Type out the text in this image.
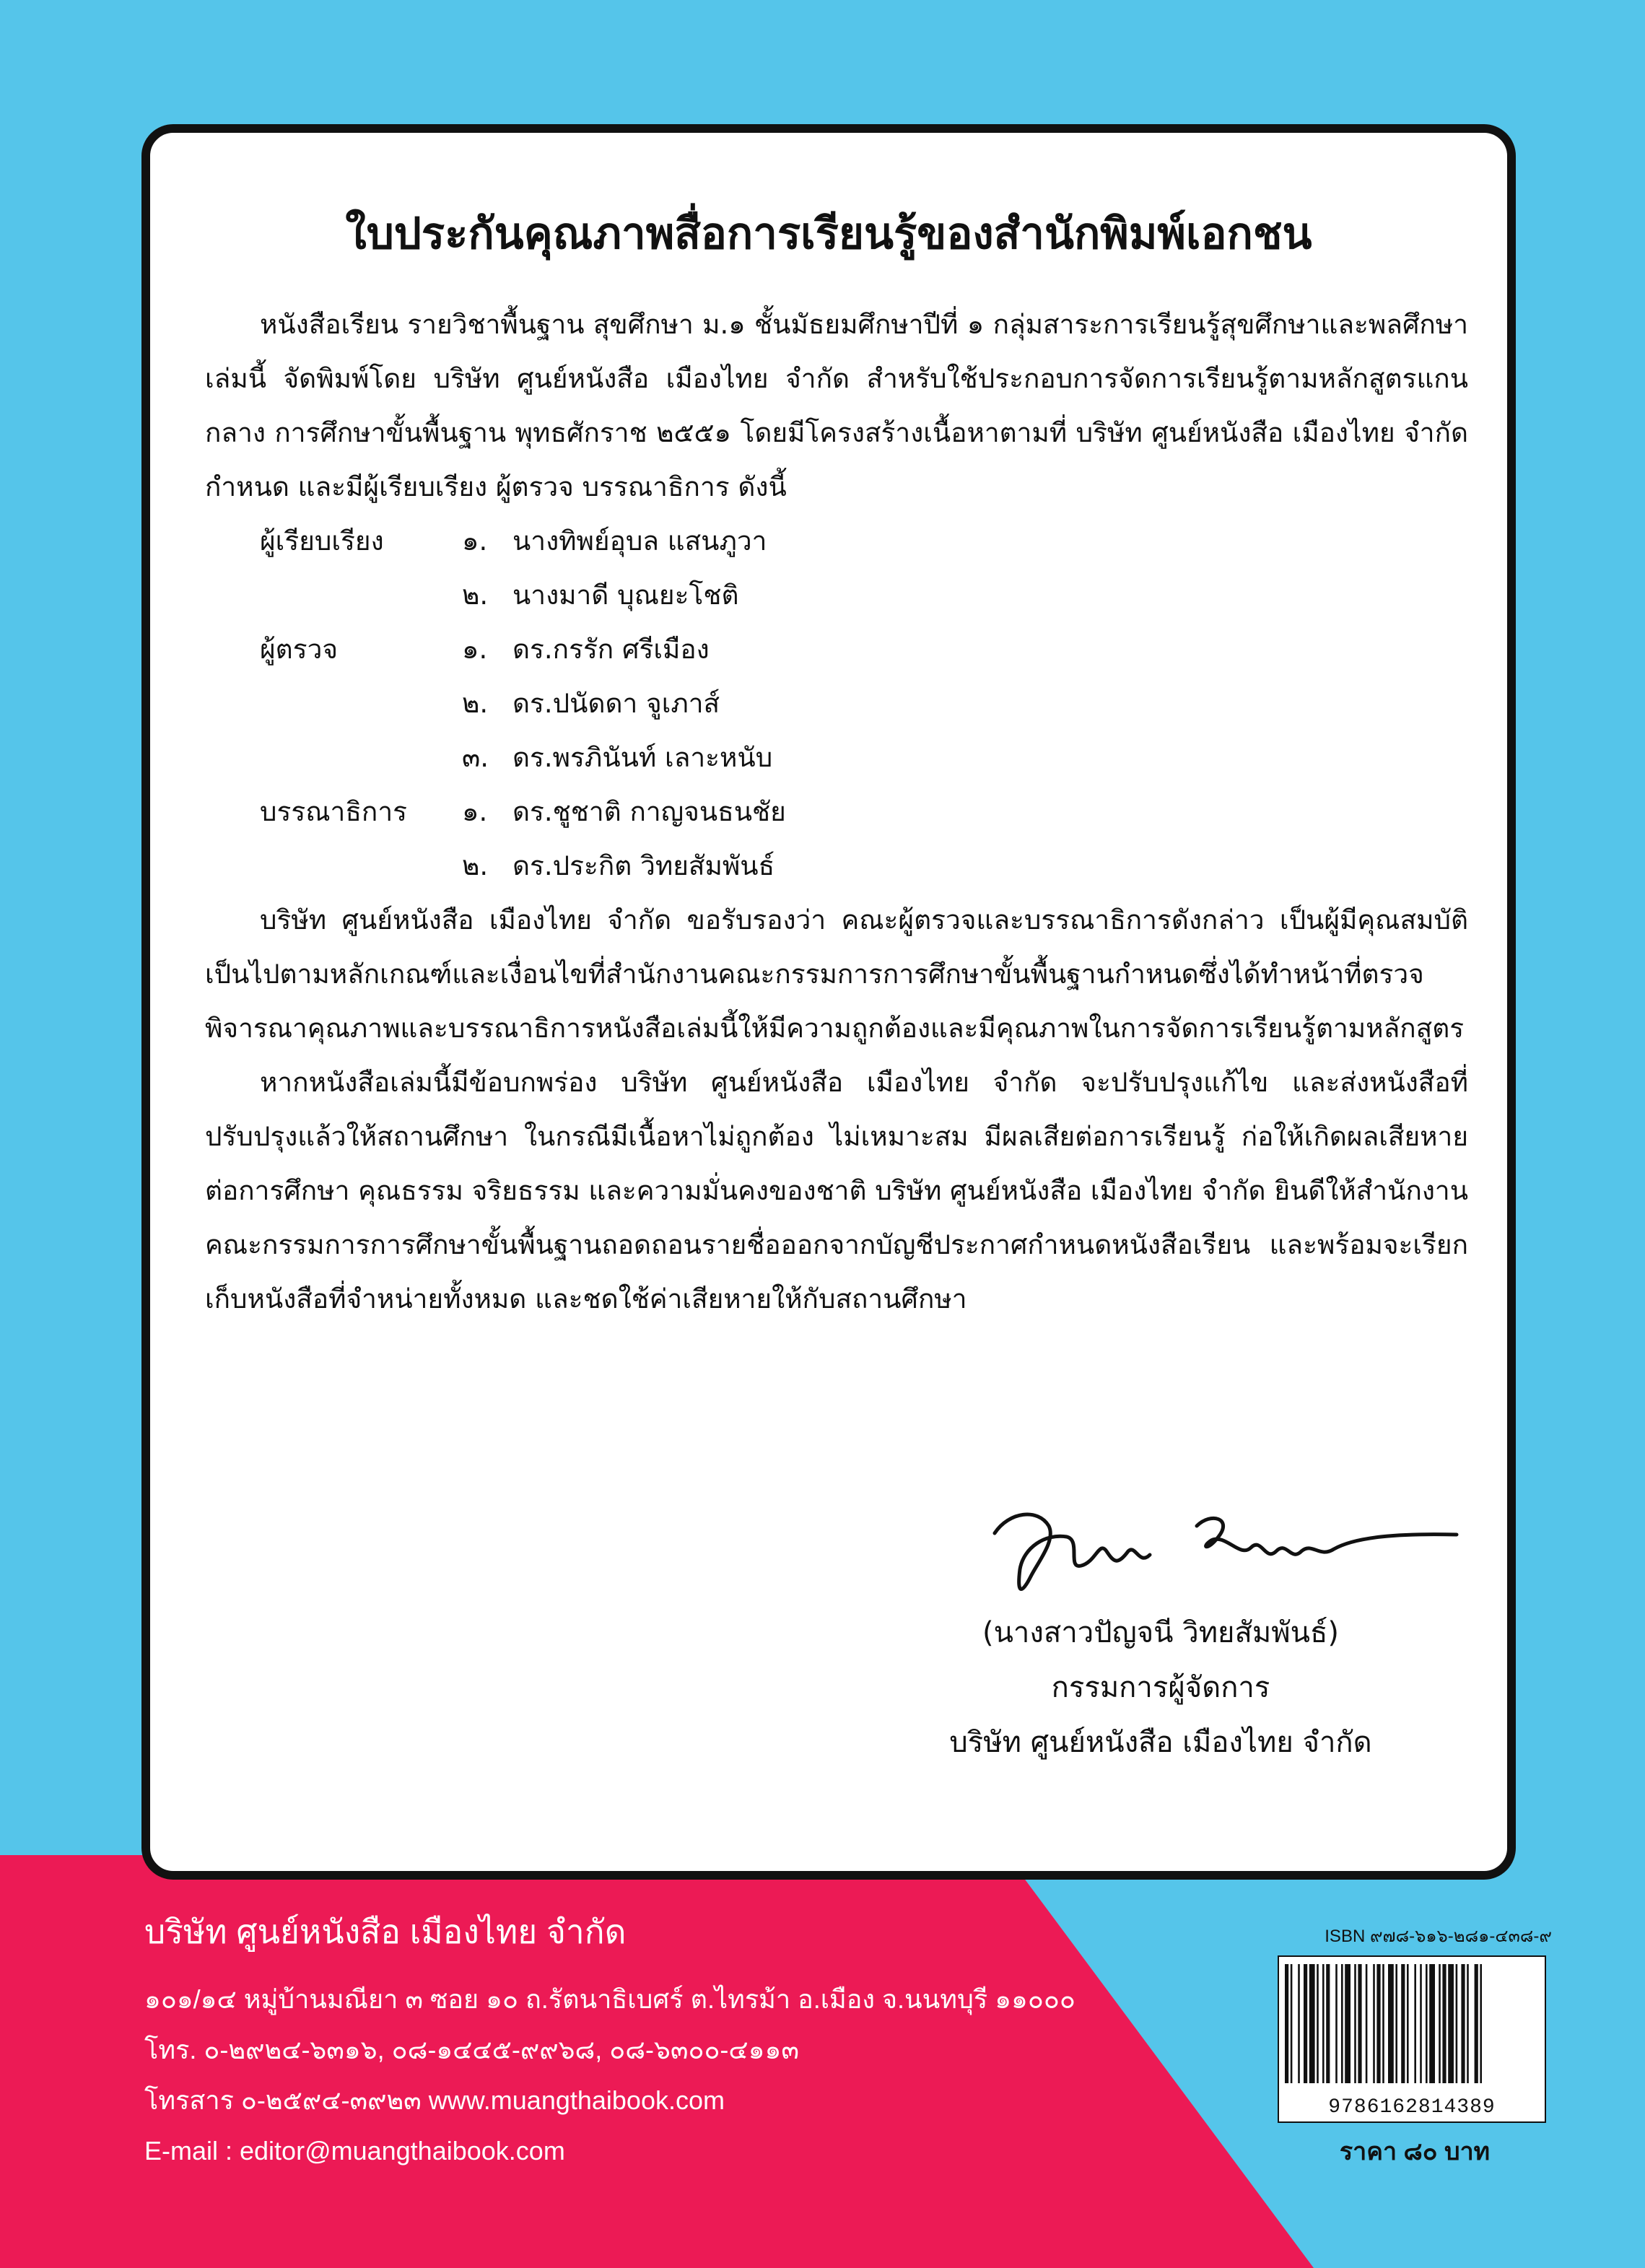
ใบประกันคุณภาพสื่อการเรียนรู้ของสำนักพิมพ์เอกชน

หนังสือเรียน รายวิชาพื้นฐาน สุขศึกษา ม.๑ ชั้นมัธยมศึกษาปีที่ ๑ กลุ่มสาระการเรียนรู้สุขศึกษาและพลศึกษา เล่มนี้ จัดพิมพ์โดย บริษัท ศูนย์หนังสือ เมืองไทย จำกัด สำหรับใช้ประกอบการจัดการเรียนรู้ตามหลักสูตรแกนกลาง การศึกษาขั้นพื้นฐาน พุทธศักราช ๒๕๕๑ โดยมีโครงสร้างเนื้อหาตามที่ บริษัท ศูนย์หนังสือ เมืองไทย จำกัด กำหนด และมีผู้เรียบเรียง ผู้ตรวจ บรรณาธิการ ดังนี้

ผู้เรียบเรียง	๑. นางทิพย์อุบล แสนภูวา
๒. นางมาดี บุณยะโชติ
ผู้ตรวจ	๑. ดร.กรรัก ศรีเมือง
๒. ดร.ปนัดดา จูเภาส์
๓. ดร.พรภินันท์ เลาะหนับ
บรรณาธิการ	๑. ดร.ชูชาติ กาญจนธนชัย
๒. ดร.ประกิต วิทยสัมพันธ์

บริษัท ศูนย์หนังสือ เมืองไทย จำกัด ขอรับรองว่า คณะผู้ตรวจและบรรณาธิการดังกล่าว เป็นผู้มีคุณสมบัติเป็นไปตามหลักเกณฑ์และเงื่อนไขที่สำนักงานคณะกรรมการการศึกษาขั้นพื้นฐานกำหนดซึ่งได้ทำหน้าที่ตรวจพิจารณาคุณภาพและบรรณาธิการหนังสือเล่มนี้ให้มีความถูกต้องและมีคุณภาพในการจัดการเรียนรู้ตามหลักสูตร

หากหนังสือเล่มนี้มีข้อบกพร่อง บริษัท ศูนย์หนังสือ เมืองไทย จำกัด จะปรับปรุงแก้ไข และส่งหนังสือที่ปรับปรุงแล้วให้สถานศึกษา ในกรณีมีเนื้อหาไม่ถูกต้อง ไม่เหมาะสม มีผลเสียต่อการเรียนรู้ ก่อให้เกิดผลเสียหายต่อการศึกษา คุณธรรม จริยธรรม และความมั่นคงของชาติ บริษัท ศูนย์หนังสือ เมืองไทย จำกัด ยินดีให้สำนักงานคณะกรรมการการศึกษาขั้นพื้นฐานถอดถอนรายชื่อออกจากบัญชีประกาศกำหนดหนังสือเรียน และพร้อมจะเรียกเก็บหนังสือที่จำหน่ายทั้งหมด และชดใช้ค่าเสียหายให้กับสถานศึกษา

(นางสาวปัญจนี วิทยสัมพันธ์)
กรรมการผู้จัดการ
บริษัท ศูนย์หนังสือ เมืองไทย จำกัด
บริษัท ศูนย์หนังสือ เมืองไทย จำกัด
๑๐๑/๑๔ หมู่บ้านมณียา ๓ ซอย ๑๐ ถ.รัตนาธิเบศร์ ต.ไทรม้า อ.เมือง จ.นนทบุรี ๑๑๐๐๐
โทร. ๐-๒๙๒๔-๖๓๑๖, ๐๘-๑๔๔๕-๙๙๖๘, ๐๘-๖๓๐๐-๔๑๑๓
โทรสาร ๐-๒๕๙๔-๓๙๒๓ www.muangthaibook.com
E-mail : editor@muangthaibook.com
ISBN ๙๗๘-๖๑๖-๒๘๑-๔๓๘-๙
9786162814389
ราคา ๘๐ บาท
